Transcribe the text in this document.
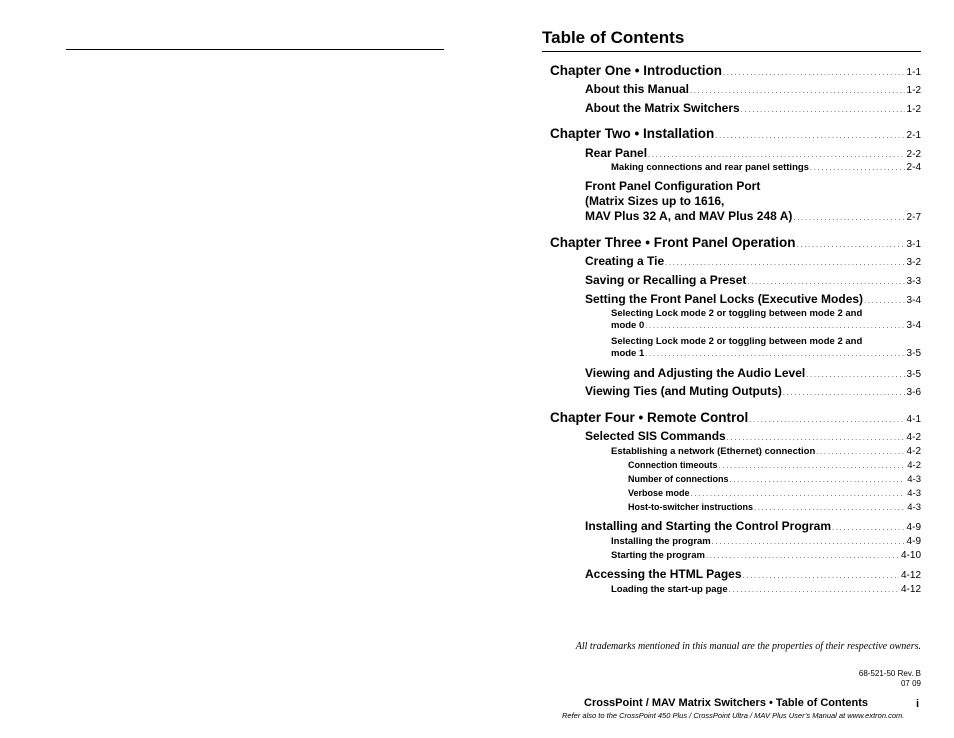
Table of Contents
Chapter One • Introduction . . .	1-1
About this Manual . . .	1-2
About the Matrix Switchers . . .	1-2
Chapter Two • Installation . . .	2-1
Rear Panel . . .	2-2
Making connections and rear panel settings . . .	2-4
Front Panel Configuration Port
(Matrix Sizes up to 1616,
MAV Plus 32 A, and MAV Plus 248 A) . . .	2-7
Chapter Three • Front Panel Operation . . .	3-1
Creating a Tie . . .	3-2
Saving or Recalling a Preset . . .	3-3
Setting the Front Panel Locks (Executive Modes) . . .	3-4
Selecting Lock mode 2 or toggling between mode 2 and
mode 0 . . .	3-4
Selecting Lock mode 2 or toggling between mode 2 and
mode 1 . . .	3-5
Viewing and Adjusting the Audio Level . . .	3-5
Viewing Ties (and Muting Outputs) . . .	3-6
Chapter Four • Remote Control . . .	4-1
Selected SIS Commands . . .	4-2
Establishing a network (Ethernet) connection . . .	4-2
Connection timeouts . . .	4-2
Number of connections . . .	4-3
Verbose mode . . .	4-3
Host-to-switcher instructions . . .	4-3
Installing and Starting the Control Program . . .	4-9
Installing the program . . .	4-9
Starting the program . . .	4-10
Accessing the HTML Pages . . .	4-12
Loading the start-up page . . .	4-12
All trademarks mentioned in this manual are the properties of their respective owners.
68-521-50 Rev. B
07 09
CrossPoint / MAV Matrix Switchers • Table of Contents	i
Refer also to the CrossPoint 450 Plus / CrossPoint Ultra / MAV Plus User’s Manual at www.extron.com.
